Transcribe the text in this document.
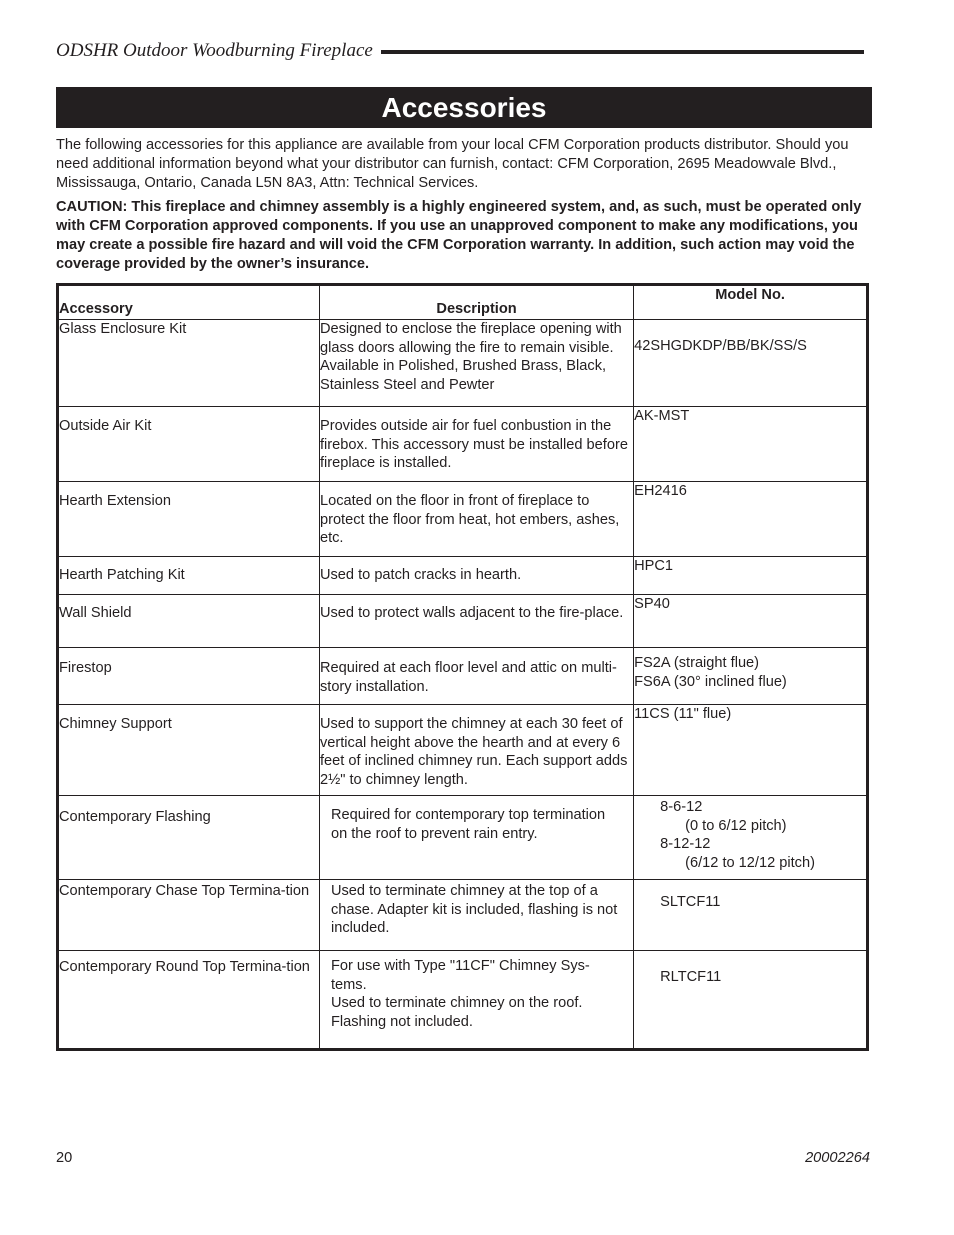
ODSHR Outdoor Woodburning Fireplace
Accessories

The following accessories for this appliance are available from your local CFM Corporation products distributor. Should you need additional information beyond what your distributor can furnish, contact: CFM Corporation, 2695 Meadowvale Blvd., Mississauga, Ontario, Canada L5N 8A3, Attn: Technical Services.

CAUTION: This fireplace and chimney assembly is a highly engineered system, and, as such, must be operated only with CFM Corporation approved components. If you use an unapproved component to make any modifications, you may create a possible fire hazard and will void the CFM Corporation warranty. In addition, such action may void the coverage provided by the owner’s insurance.

Accessory	Description	Model No.
Glass Enclosure Kit	Designed to enclose the fireplace opening with glass doors allowing the fire to remain visible. Available in Polished, Brushed Brass, Black, Stainless Steel and Pewter	42SHGDKDP/BB/BK/SS/S

Outside Air Kit	Provides outside air for fuel conbustion in the firebox. This accessory must be installed before fireplace is installed.	AK-MST

Hearth Extension	Located on the floor in front of fireplace to protect the floor from heat, hot embers, ashes, etc.	EH2416

Hearth Patching Kit	Used to patch cracks in hearth.	HPC1

Wall Shield	Used to protect walls adjacent to the fire-place.	SP40

Firestop	Required at each floor level and attic on multi-story installation.	FS2A (straight flue)
FS6A (30° inclined flue)

Chimney Support	Used to support the chimney at each 30 feet of vertical height above the hearth and at every 6 feet of inclined chimney run. Each support adds 2½" to chimney length.	11CS (11" flue)

Contemporary Flashing	Required for contemporary top termination on the roof to prevent rain entry.	8-6-12
(0 to 6/12 pitch)
8-12-12
(6/12 to 12/12 pitch)

Contemporary Chase Top Termina-tion	Used to terminate chimney at the top of a chase. Adapter kit is included, flashing is not included.	SLTCF11

Contemporary Round Top Termina-tion	For use with Type "11CF" Chimney Sys-tems.
Used to terminate chimney on the roof. Flashing not included.	RLTCF11
20	20002264
